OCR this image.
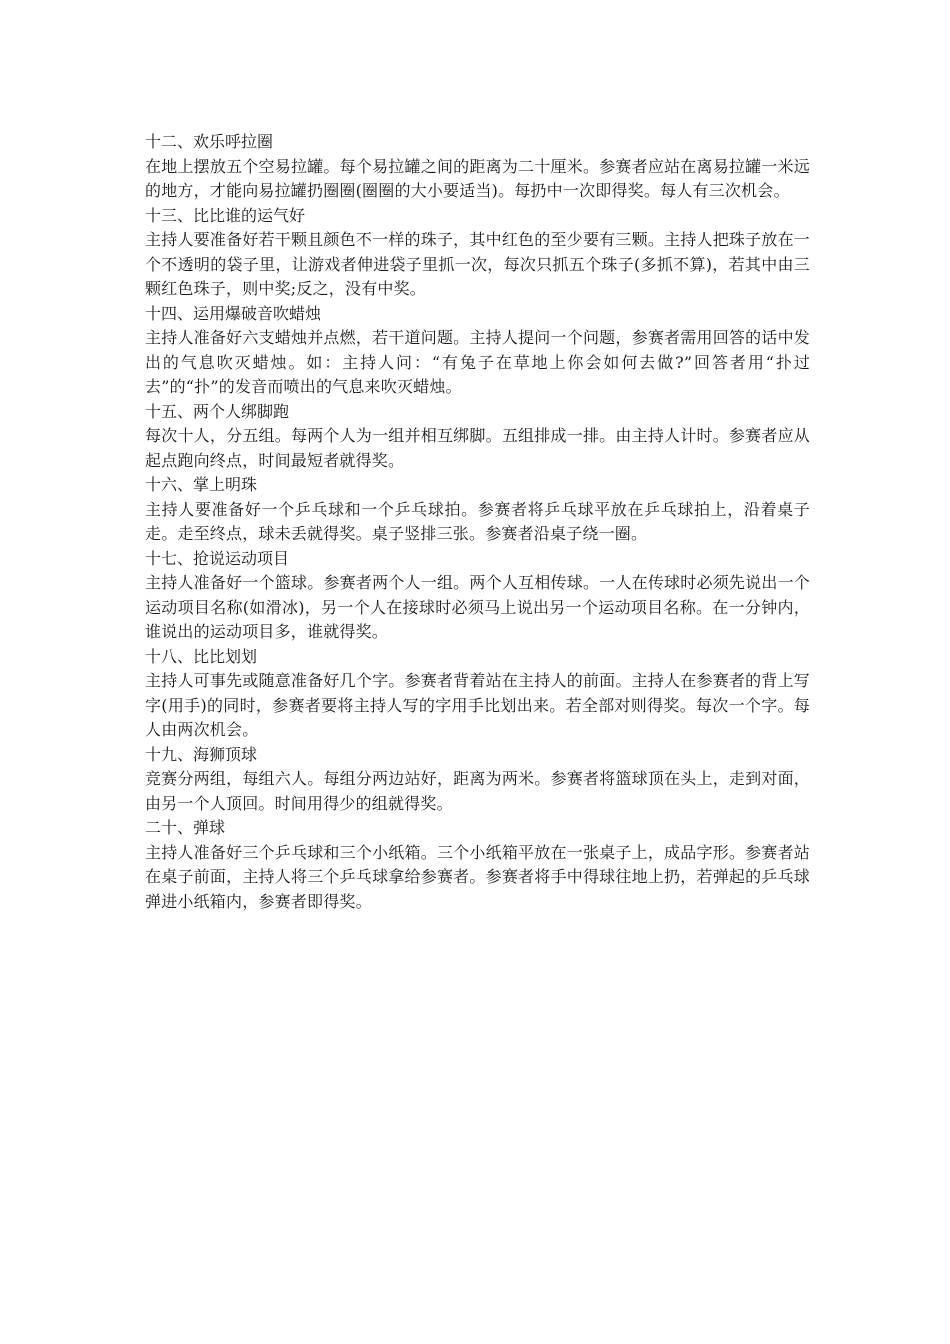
十二、欢乐呼拉圈

在地上摆放五个空易拉罐。每个易拉罐之间的距离为二十厘米。参赛者应站在离易拉罐一米远的地方，才能向易拉罐扔圈圈(圈圈的大小要适当)。每扔中一次即得奖。每人有三次机会。

十三、比比谁的运气好

主持人要准备好若干颗且颜色不一样的珠子，其中红色的至少要有三颗。主持人把珠子放在一个不透明的袋子里，让游戏者伸进袋子里抓一次，每次只抓五个珠子(多抓不算)，若其中由三颗红色珠子，则中奖;反之，没有中奖。

十四、运用爆破音吹蜡烛

主持人准备好六支蜡烛并点燃，若干道问题。主持人提问一个问题，参赛者需用回答的话中发出的气息吹灭蜡烛。如：主持人问：“有兔子在草地上你会如何去做?”回答者用“扑过去”的“扑”的发音而喷出的气息来吹灭蜡烛。

十五、两个人绑脚跑

每次十人，分五组。每两个人为一组并相互绑脚。五组排成一排。由主持人计时。参赛者应从起点跑向终点，时间最短者就得奖。

十六、掌上明珠

主持人要准备好一个乒乓球和一个乒乓球拍。参赛者将乒乓球平放在乒乓球拍上，沿着桌子走。走至终点，球未丢就得奖。桌子竖排三张。参赛者沿桌子绕一圈。

十七、抢说运动项目

主持人准备好一个篮球。参赛者两个人一组。两个人互相传球。一人在传球时必须先说出一个运动项目名称(如滑冰)，另一个人在接球时必须马上说出另一个运动项目名称。在一分钟内，谁说出的运动项目多，谁就得奖。

十八、比比划划

主持人可事先或随意准备好几个字。参赛者背着站在主持人的前面。主持人在参赛者的背上写字(用手)的同时，参赛者要将主持人写的字用手比划出来。若全部对则得奖。每次一个字。每人由两次机会。

十九、海狮顶球

竞赛分两组，每组六人。每组分两边站好，距离为两米。参赛者将篮球顶在头上，走到对面，由另一个人顶回。时间用得少的组就得奖。

二十、弹球

主持人准备好三个乒乓球和三个小纸箱。三个小纸箱平放在一张桌子上，成品字形。参赛者站在桌子前面，主持人将三个乒乓球拿给参赛者。参赛者将手中得球往地上扔，若弹起的乒乓球弹进小纸箱内，参赛者即得奖。
